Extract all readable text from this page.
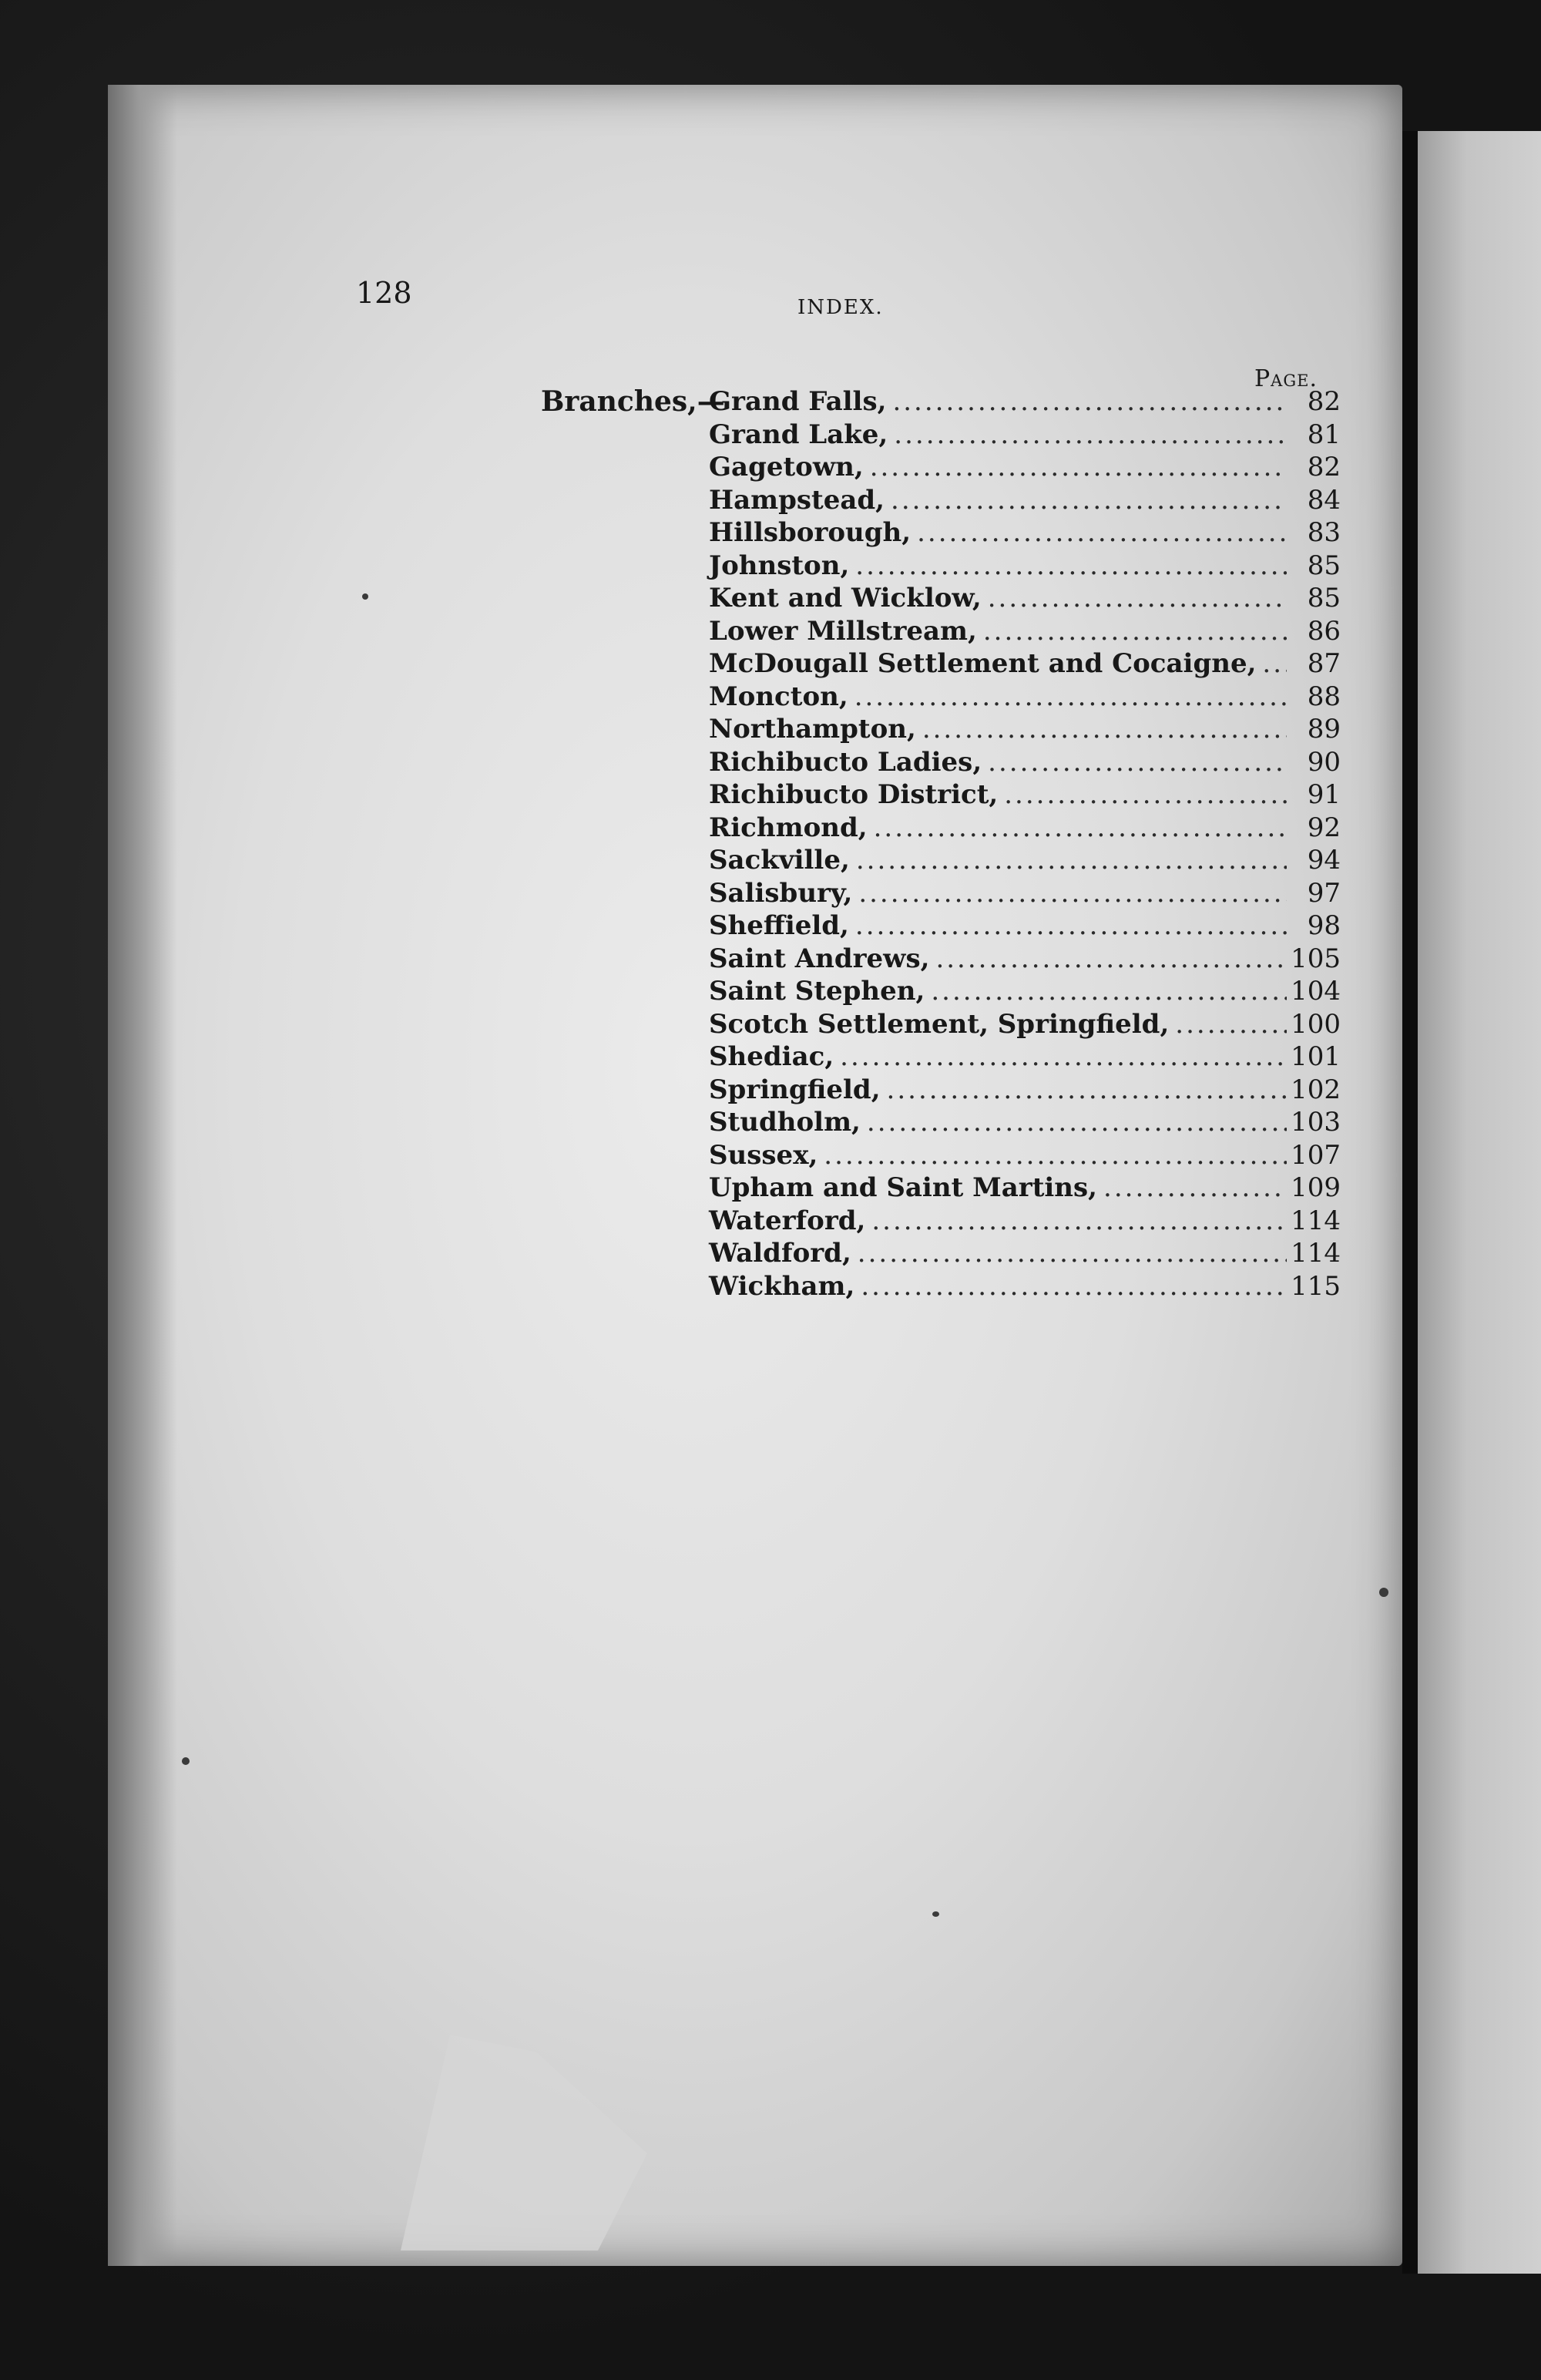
128	INDEX.
Page.
Branches,—
Grand Falls, .....	82
Grand Lake, .....	81
Gagetown, .....	82
Hampstead, .....	84
Hillsborough, .....	83
Johnston, .....	85
Kent and Wicklow, .....	85
Lower Millstream, .....	86
McDougall Settlement and Cocaigne, .....	87
Moncton, .....	88
Northampton, .....	89
Richibucto Ladies, .....	90
Richibucto District, .....	91
Richmond, .....	92
Sackville, .....	94
Salisbury, .....	97
Sheffield, .....	98
Saint Andrews, .....	105
Saint Stephen, .....	104
Scotch Settlement, Springfield, .....	100
Shediac, .....	101
Springfield, .....	102
Studholm, .....	103
Sussex, .....	107
Upham and Saint Martins, .....	109
Waterford, .....	114
Waldford, .....	114
Wickham, .....	115
